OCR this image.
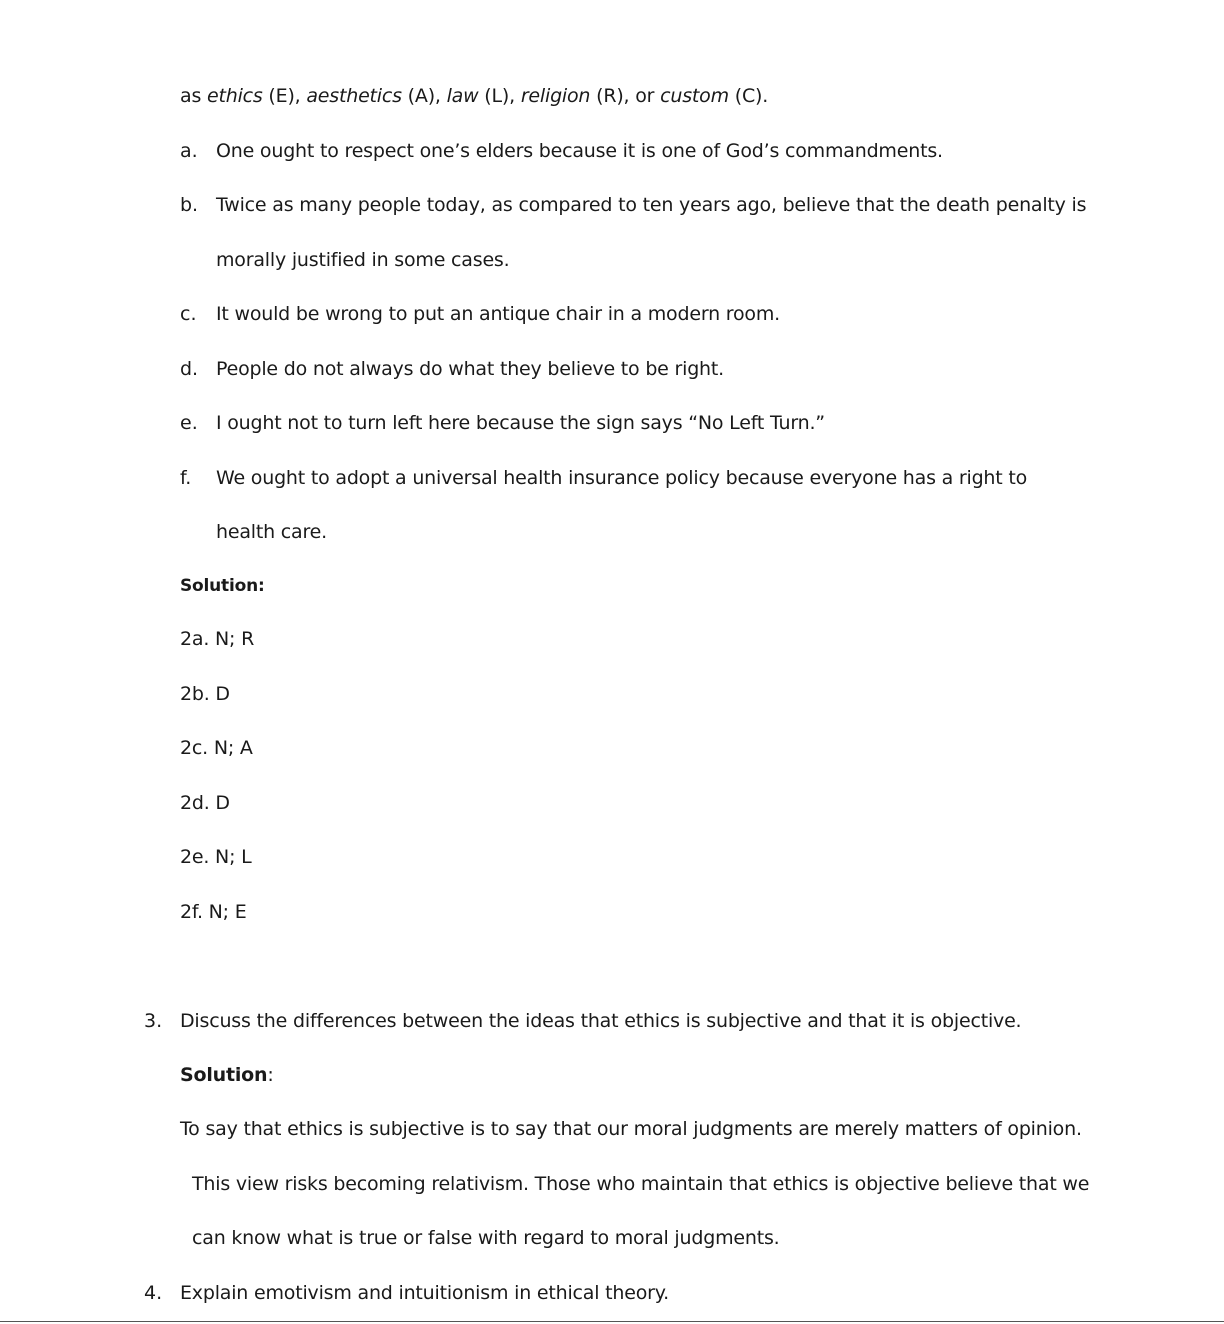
as ethics (E), aesthetics (A), law (L), religion (R), or custom (C).
a. One ought to respect one’s elders because it is one of God’s commandments.
b. Twice as many people today, as compared to ten years ago, believe that the death penalty is
morally justified in some cases.
c. It would be wrong to put an antique chair in a modern room.
d. People do not always do what they believe to be right.
e. I ought not to turn left here because the sign says “No Left Turn.”
f. We ought to adopt a universal health insurance policy because everyone has a right to
health care.
Solution:
2a. N; R
2b. D
2c. N; A
2d. D
2e. N; L
2f. N; E
3. Discuss the differences between the ideas that ethics is subjective and that it is objective.
Solution:
To say that ethics is subjective is to say that our moral judgments are merely matters of opinion.
This view risks becoming relativism. Those who maintain that ethics is objective believe that we
can know what is true or false with regard to moral judgments.
4. Explain emotivism and intuitionism in ethical theory.
